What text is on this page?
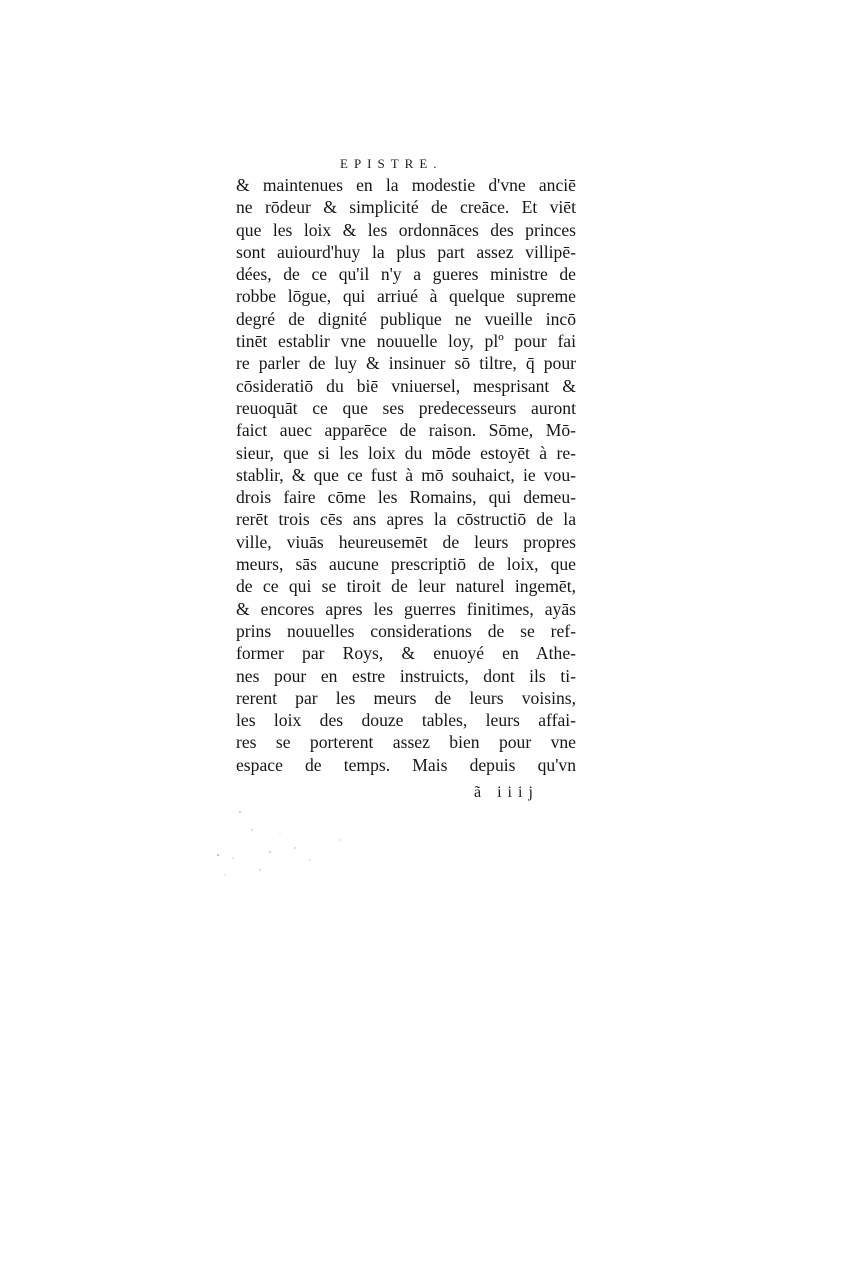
EPISTRE.
& maintenues en la modestie d'vne anciē
ne rōdeur & simplicité de creāce. Et viēt
que les loix & les ordonnāces des princes
sont auiourd'huy la plus part assez villipē-
dées, de ce qu'il n'y a gueres ministre de
robbe lōgue, qui arriué à quelque supreme
degré de dignité publique ne vueille incō
tinēt establir vne nouuelle loy, plº pour fai
re parler de luy & insinuer sō tiltre, q̄ pour
cōsideratiō du biē vniuersel, mesprisant &
reuoquāt ce que ses predecesseurs auront
faict auec apparēce de raison. Sōme, Mō-
sieur, que si les loix du mōde estoyēt à re-
stablir, & que ce fust à mō souhaict, ie vou-
drois faire cōme les Romains, qui demeu-
rerēt trois cēs ans apres la cōstructiō de la
ville, viuās heureusemēt de leurs propres
meurs, sās aucune prescriptiō de loix, que
de ce qui se tiroit de leur naturel ingemēt,
& encores apres les guerres finitimes, ayās
prins nouuelles considerations de se ref-
former par Roys, & enuoyé en Athe-
nes pour en estre instruicts, dont ils ti-
rerent par les meurs de leurs voisins,
les loix des douze tables, leurs affai-
res se porterent assez bien pour vne
espace de temps. Mais depuis qu'vn
ã iiij
